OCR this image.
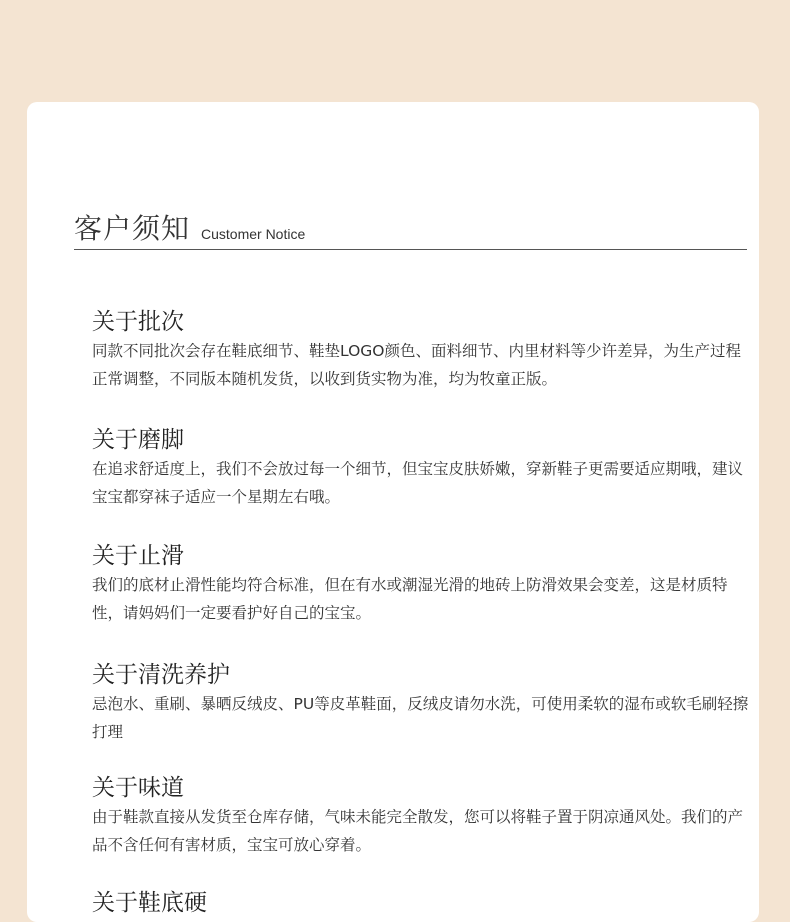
客户须知 Customer Notice
关于批次

同款不同批次会存在鞋底细节、鞋垫LOGO颜色、面料细节、内里材料等少许差异，为生产过程正常调整，不同版本随机发货，以收到货实物为准，均为牧童正版。

关于磨脚

在追求舒适度上，我们不会放过每一个细节，但宝宝皮肤娇嫩，穿新鞋子更需要适应期哦，建议宝宝都穿袜子适应一个星期左右哦。

关于止滑

我们的底材止滑性能均符合标准，但在有水或潮湿光滑的地砖上防滑效果会变差，这是材质特性，请妈妈们一定要看护好自己的宝宝。

关于清洗养护

忌泡水、重刷、暴晒反绒皮、PU等皮革鞋面，反绒皮请勿水洗，可使用柔软的湿布或软毛刷轻擦打理

关于味道

由于鞋款直接从发货至仓库存储，气味未能完全散发，您可以将鞋子置于阴凉通风处。我们的产品不含任何有害材质，宝宝可放心穿着。

关于鞋底硬
